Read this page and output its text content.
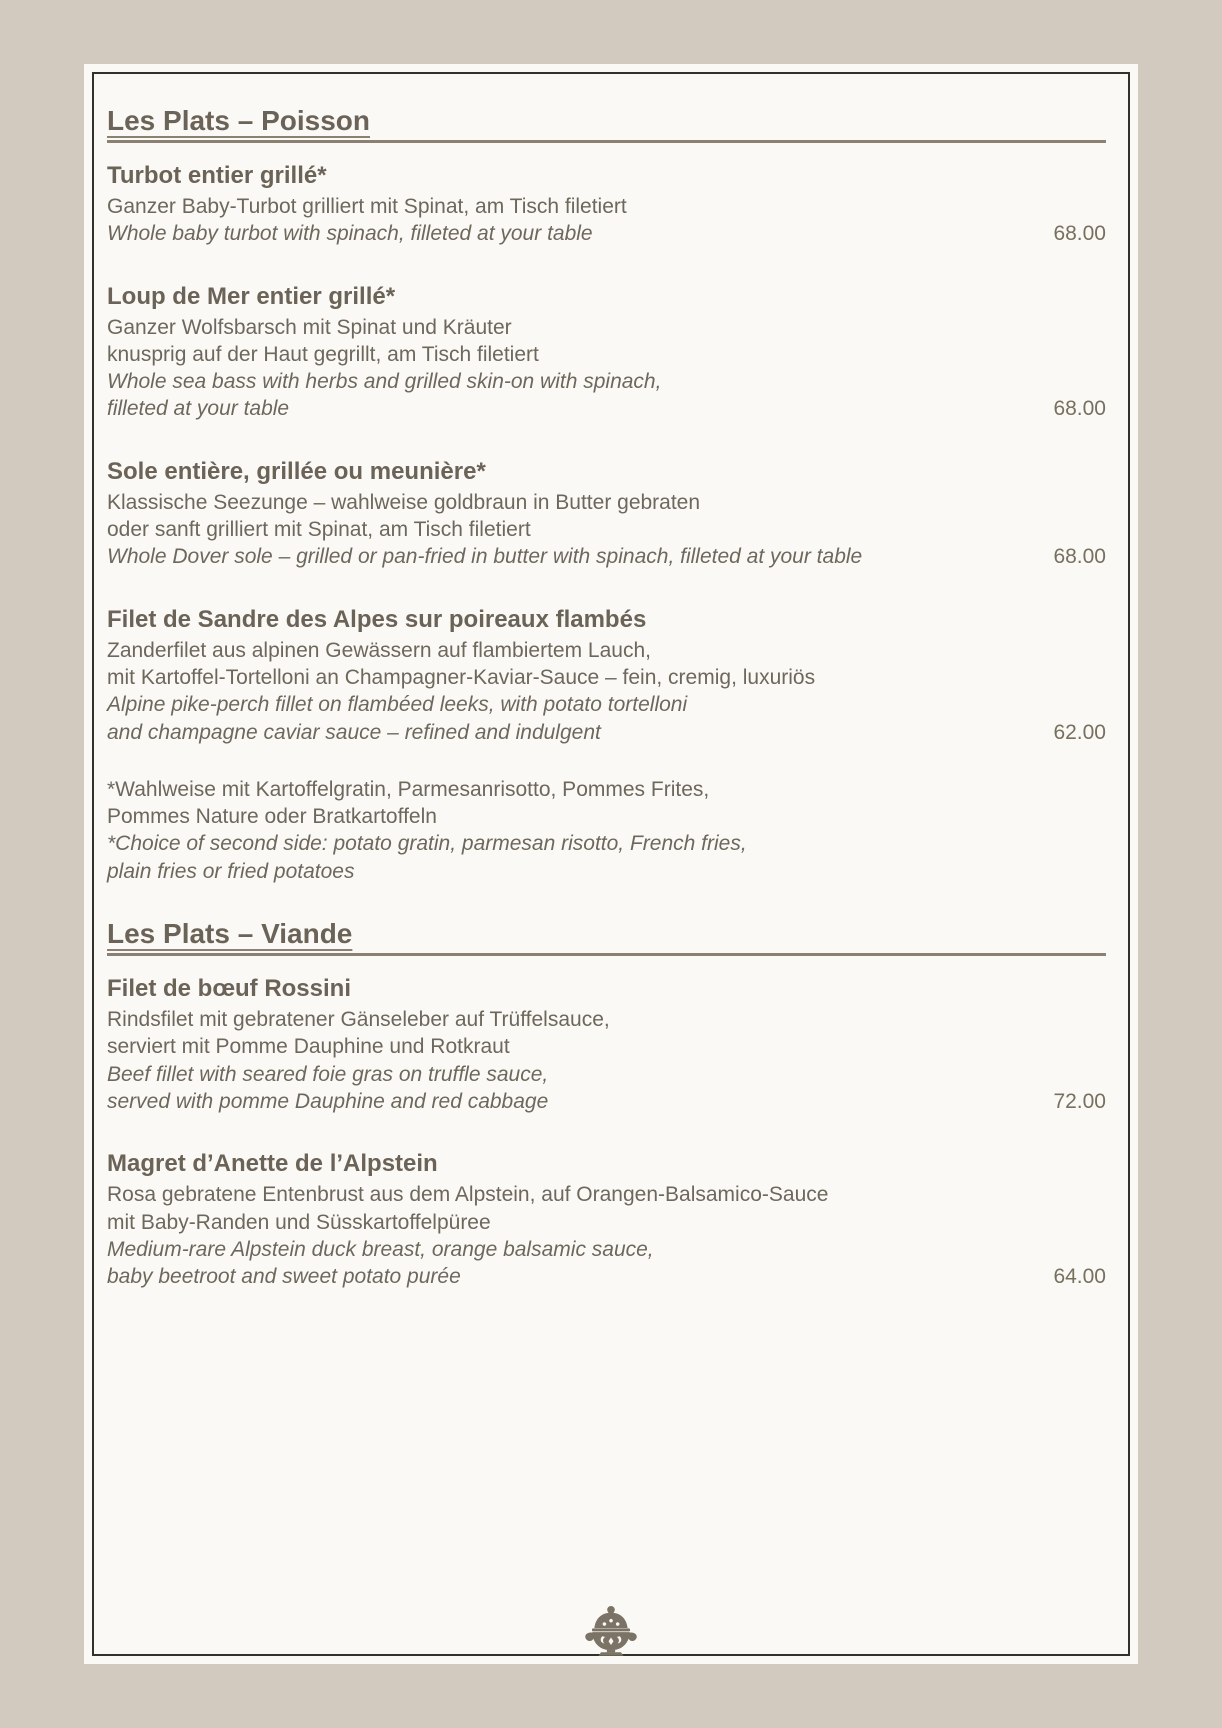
Les Plats – Poisson
Turbot entier grillé*

Ganzer Baby-Turbot grilliert mit Spinat, am Tisch filetiert

Whole baby turbot with spinach, filleted at your table	68.00
Loup de Mer entier grillé*

Ganzer Wolfsbarsch mit Spinat und Kräuter

knusprig auf der Haut gegrillt, am Tisch filetiert

Whole sea bass with herbs and grilled skin-on with spinach,

filleted at your table	68.00
Sole entière, grillée ou meunière*

Klassische Seezunge – wahlweise goldbraun in Butter gebraten

oder sanft grilliert mit Spinat, am Tisch filetiert

Whole Dover sole – grilled or pan-fried in butter with spinach, filleted at your table	68.00
Filet de Sandre des Alpes sur poireaux flambés

Zanderfilet aus alpinen Gewässern auf flambiertem Lauch,

mit Kartoffel-Tortelloni an Champagner-Kaviar-Sauce – fein, cremig, luxuriös

Alpine pike-perch fillet on flambéed leeks, with potato tortelloni

and champagne caviar sauce – refined and indulgent	62.00

*Wahlweise mit Kartoffelgratin, Parmesanrisotto, Pommes Frites,

Pommes Nature oder Bratkartoffeln

*Choice of second side: potato gratin, parmesan risotto, French fries,

plain fries or fried potatoes

Les Plats – Viande
Filet de bœuf Rossini

Rindsfilet mit gebratener Gänseleber auf Trüffelsauce,

serviert mit Pomme Dauphine und Rotkraut

Beef fillet with seared foie gras on truffle sauce,

served with pomme Dauphine and red cabbage	72.00
Magret d’Anette de l’Alpstein

Rosa gebratene Entenbrust aus dem Alpstein, auf Orangen-Balsamico-Sauce

mit Baby-Randen und Süsskartoffelpüree

Medium-rare Alpstein duck breast, orange balsamic sauce,

baby beetroot and sweet potato purée	64.00
